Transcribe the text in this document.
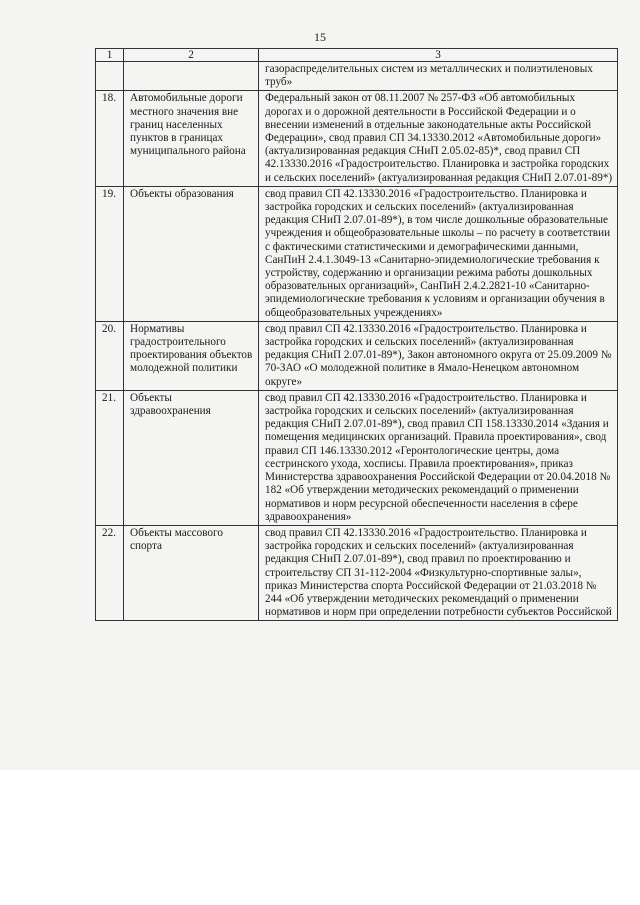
15
1	2	3
		газораспределительных систем из металлических и полиэтиленовых труб»
18.	Автомобильные дороги местного значения вне границ населенных пунктов в границах муниципального района	Федеральный закон от 08.11.2007 № 257-ФЗ «Об автомобильных дорогах и о дорожной деятельности в Российской Федерации и о внесении изменений в отдельные законодательные акты Российской Федерации», свод правил СП 34.13330.2012 «Автомобильные дороги» (актуализированная редакция СНиП 2.05.02-85)*, свод правил СП 42.13330.2016 «Градостроительство. Планировка и застройка городских и сельских поселений» (актуализированная редакция СНиП 2.07.01-89*)
19.	Объекты образования	свод правил СП 42.13330.2016 «Градостроительство. Планировка и застройка городских и сельских поселений» (актуализированная редакция СНиП 2.07.01-89*), в том числе дошкольные образовательные учреждения и общеобразовательные школы – по расчету в соответствии с фактическими статистическими и демографическими данными, СанПиН 2.4.1.3049-13 «Санитарно-эпидемиологические требования к устройству, содержанию и организации режима работы дошкольных образовательных организаций», СанПиН 2.4.2.2821-10 «Санитарно-эпидемиологические требования к условиям и организации обучения в общеобразовательных учреждениях»
20.	Нормативы градостроительного проектирования объектов молодежной политики	свод правил СП 42.13330.2016 «Градостроительство. Планировка и застройка городских и сельских поселений» (актуализированная редакция СНиП 2.07.01-89*), Закон автономного округа от 25.09.2009 № 70-ЗАО «О молодежной политике в Ямало-Ненецком автономном округе»
21.	Объекты здравоохранения	свод правил СП 42.13330.2016 «Градостроительство. Планировка и застройка городских и сельских поселений» (актуализированная редакция СНиП 2.07.01-89*), свод правил СП 158.13330.2014 «Здания и помещения медицинских организаций. Правила проектирования», свод правил СП 146.13330.2012 «Геронтологические центры, дома сестринского ухода, хосписы. Правила проектирования», приказ Министерства здравоохранения Российской Федерации от 20.04.2018 № 182 «Об утверждении методических рекомендаций о применении нормативов и норм ресурсной обеспеченности населения в сфере здравоохранения»
22.	Объекты массового спорта	свод правил СП 42.13330.2016 «Градостроительство. Планировка и застройка городских и сельских поселений» (актуализированная редакция СНиП 2.07.01-89*), свод правил по проектированию и строительству СП 31-112-2004 «Физкультурно-спортивные залы», приказ Министерства спорта Российской Федерации от 21.03.2018 № 244 «Об утверждении методических рекомендаций о применении нормативов и норм при определении потребности субъектов Российской
